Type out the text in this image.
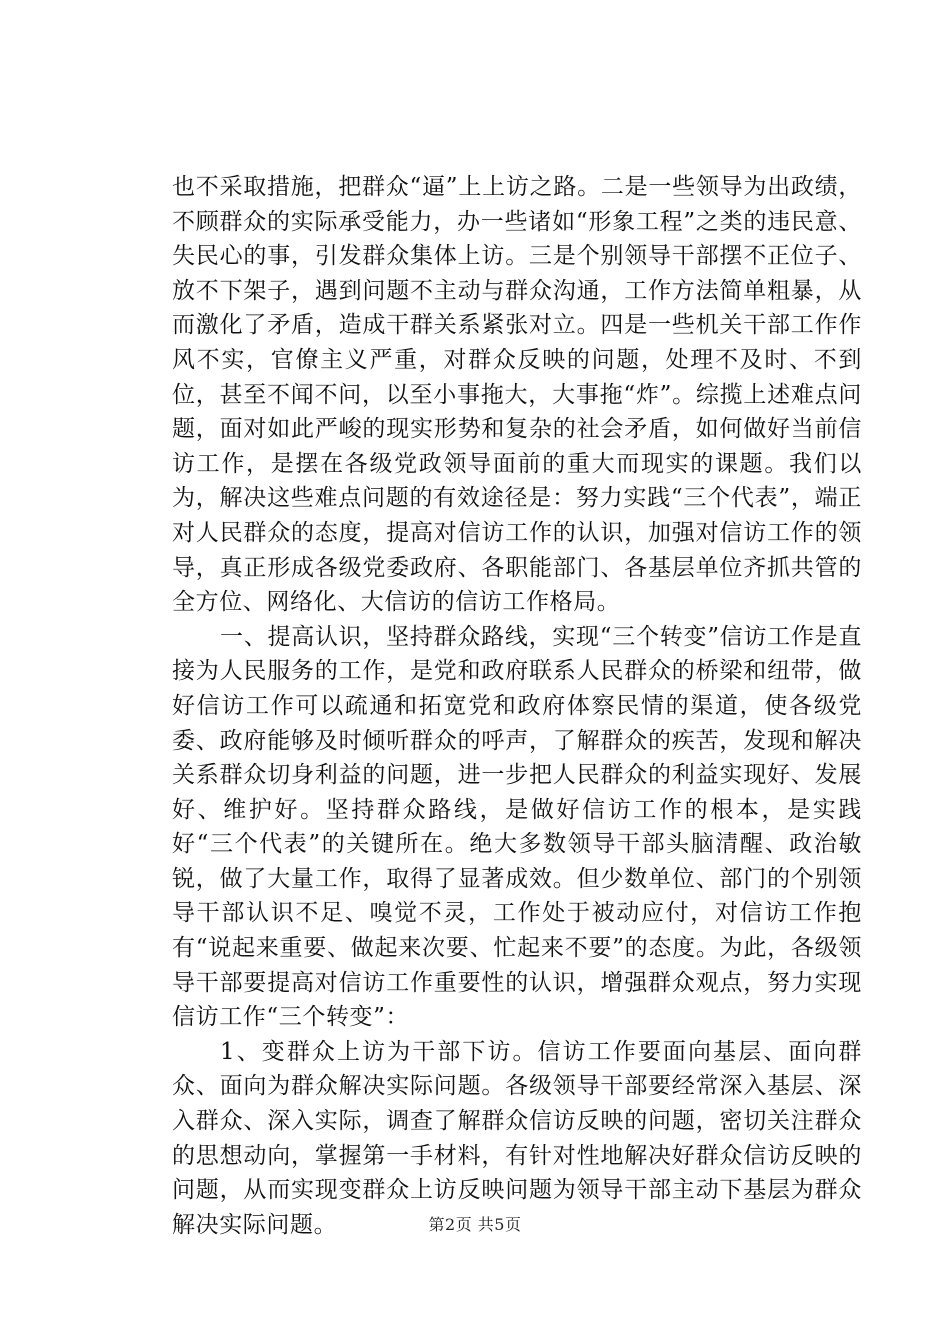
也不采取措施，把群众“逼”上上访之路。二是一些领导为出政绩，不顾群众的实际承受能力，办一些诸如“形象工程”之类的违民意、失民心的事，引发群众集体上访。三是个别领导干部摆不正位子、放不下架子，遇到问题不主动与群众沟通，工作方法简单粗暴，从而激化了矛盾，造成干群关系紧张对立。四是一些机关干部工作作风不实，官僚主义严重，对群众反映的问题，处理不及时、不到位，甚至不闻不问，以至小事拖大，大事拖“炸”。综揽上述难点问题，面对如此严峻的现实形势和复杂的社会矛盾，如何做好当前信访工作，是摆在各级党政领导面前的重大而现实的课题。我们以为，解决这些难点问题的有效途径是：努力实践“三个代表”，端正对人民群众的态度，提高对信访工作的认识，加强对信访工作的领导，真正形成各级党委政府、各职能部门、各基层单位齐抓共管的全方位、网络化、大信访的信访工作格局。

一、提高认识，坚持群众路线，实现“三个转变”信访工作是直接为人民服务的工作，是党和政府联系人民群众的桥梁和纽带，做好信访工作可以疏通和拓宽党和政府体察民情的渠道，使各级党委、政府能够及时倾听群众的呼声，了解群众的疾苦，发现和解决关系群众切身利益的问题，进一步把人民群众的利益实现好、发展好、维护好。坚持群众路线，是做好信访工作的根本，是实践好“三个代表”的关键所在。绝大多数领导干部头脑清醒、政治敏锐，做了大量工作，取得了显著成效。但少数单位、部门的个别领导干部认识不足、嗅觉不灵，工作处于被动应付，对信访工作抱有“说起来重要、做起来次要、忙起来不要”的态度。为此，各级领导干部要提高对信访工作重要性的认识，增强群众观点，努力实现信访工作“三个转变”：

1、变群众上访为干部下访。信访工作要面向基层、面向群众、面向为群众解决实际问题。各级领导干部要经常深入基层、深入群众、深入实际，调查了解群众信访反映的问题，密切关注群众的思想动向，掌握第一手材料，有针对性地解决好群众信访反映的问题，从而实现变群众上访反映问题为领导干部主动下基层为群众解决实际问题。	第2页 共5页
